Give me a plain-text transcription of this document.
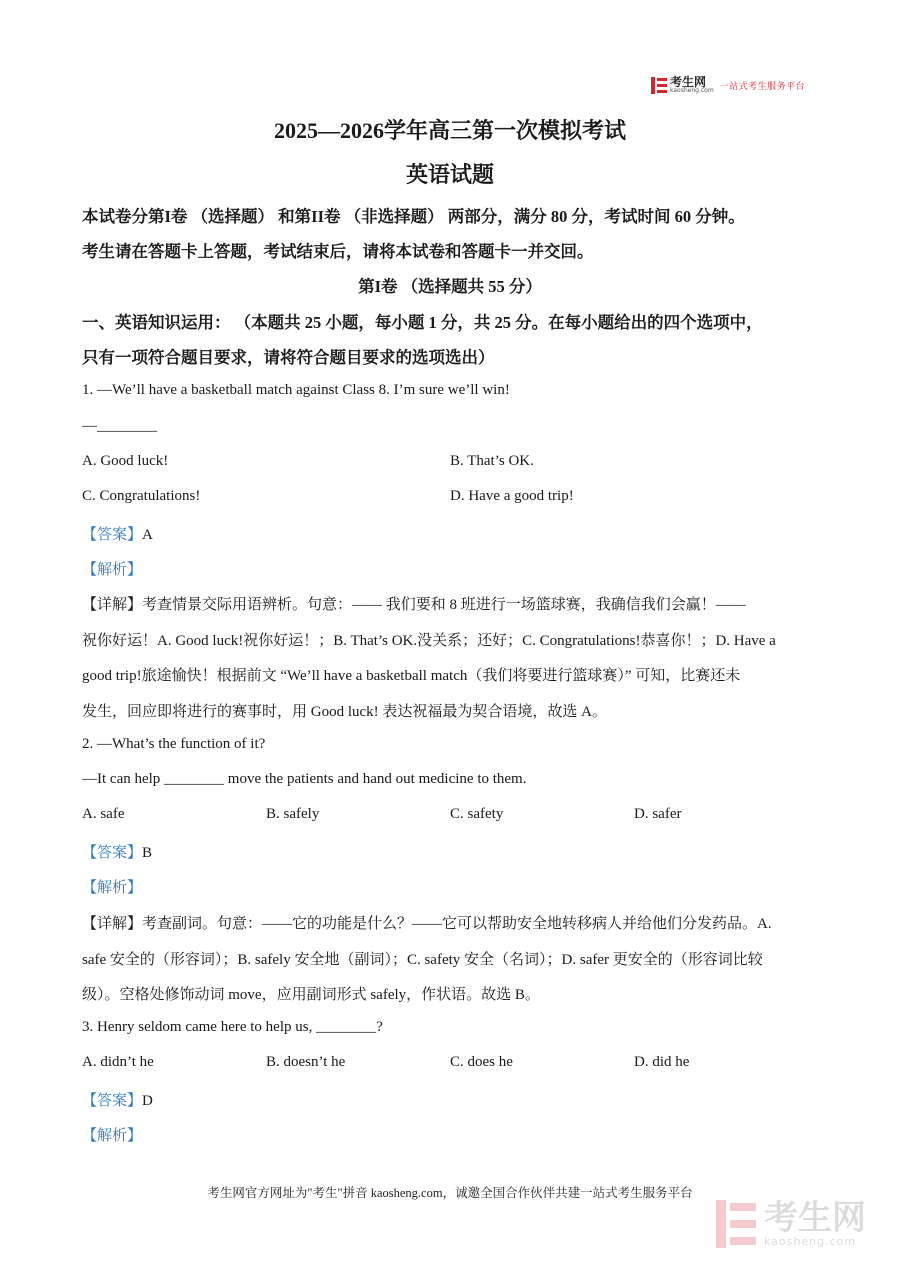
考生网
kaosheng.com 一站式考生服务平台
2025—2026学年高三第一次模拟考试
英语试题
本试卷分第I卷 （选择题） 和第II卷 （非选择题） 两部分，满分 80 分，考试时间 60 分钟。
考生请在答题卡上答题，考试结束后，请将本试卷和答题卡一并交回。
第I卷 （选择题共 55 分）
一、英语知识运用： （本题共 25 小题，每小题 1 分，共 25 分。在每小题给出的四个选项中，
只有一项符合题目要求，请将符合题目要求的选项选出）
1. —We’ll have a basketball match against Class 8. I’m sure we’ll win!
—________
A. Good luck!	B. That’s OK.
C. Congratulations!	D. Have a good trip!
【答案】A
【解析】
【详解】考查情景交际用语辨析。句意：—— 我们要和 8 班进行一场篮球赛，我确信我们会赢！——
祝你好运！A. Good luck!祝你好运！；B. That’s OK.没关系；还好；C. Congratulations!恭喜你！；D. Have a
good trip!旅途愉快！根据前文 “We’ll have a basketball match（我们将要进行篮球赛）” 可知，比赛还未
发生，回应即将进行的赛事时，用 Good luck! 表达祝福最为契合语境，故选 A。
2. —What’s the function of it?
—It can help ________ move the patients and hand out medicine to them.
A. safe	B. safely	C. safety	D. safer
【答案】B
【解析】
【详解】考查副词。句意：——它的功能是什么？——它可以帮助安全地转移病人并给他们分发药品。A.
safe 安全的（形容词）；B. safely 安全地（副词）；C. safety 安全（名词）；D. safer 更安全的（形容词比较
级）。空格处修饰动词 move，应用副词形式 safely，作状语。故选 B。
3. Henry seldom came here to help us, ________?
A. didn’t he	B. doesn’t he	C. does he	D. did he
【答案】D
【解析】
考生网官方网址为"考生"拼音 kaosheng.com，诚邀全国合作伙伴共建一站式考生服务平台
考生网
kaosheng.com
